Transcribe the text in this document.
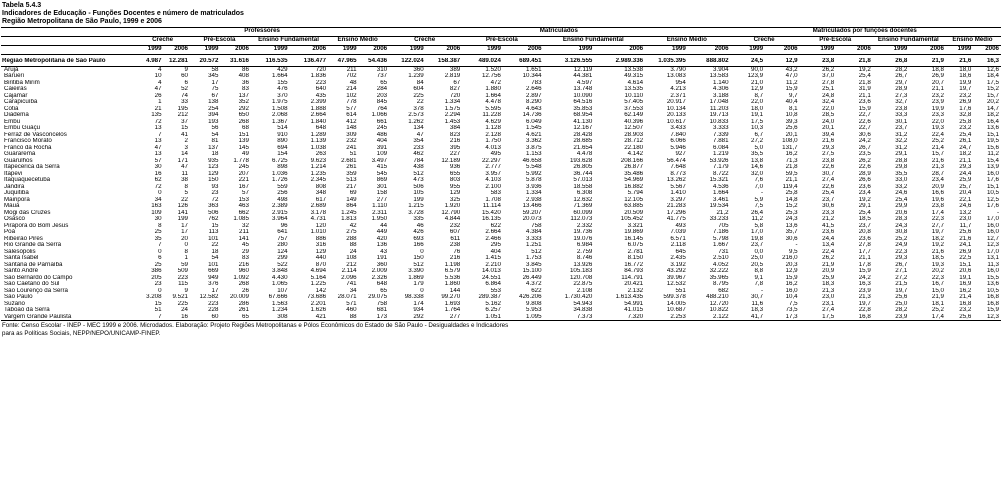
Tabela 5.4.3
Indicadores de Educação - Funções Docentes e número de matriculados
Região Metropolitana de São Paulo, 1999 e 2006
	Professores								Matriculados								Matriculados por funções docentes							
	Creche		Pré-Escola		Ensino Fundamental		Ensino Médio		Creche		Pré-Escola		Ensino Fundamental		Ensino Médio		Creche		Pré-Escola		Ensino Fundamental		Ensino Médio	
	1999	2006	1999	2006	1999	2006	1999	2006	1999	2006	1999	2006	1999	2006	1999	2006	1999	2006	1999	2006	1999	2006	1999	2006

Região Metropolitana de São Paulo	4.987	12.281	20.572	31.616	116.535	136.477	47.965	54.436	122.024	158.387	489.024	689.451	3.126.555	2.989.336	1.035.395	888.802	24,5	12,9	23,8	21,8	26,8	21,9	21,6	16,3
Arujá	4	9	58	86	429	720	211	310	360	389	1.520	1.651	12.119	13.538	3.790	3.904	90,0	43,2	26,2	19,2	28,2	18,8	18,0	12,6
Barueri	10	60	345	408	1.664	1.836	702	737	1.239	2.819	12.756	10.344	44.381	49.315	13.083	13.583	123,9	47,0	37,0	25,4	26,7	26,9	18,6	18,4
Biritiba Mirim	4	6	17	36	155	223	48	65	84	67	472	783	4.597	4.614	954	1.140	21,0	11,2	27,8	21,8	29,7	20,7	19,9	17,5
Caieiras	47	52	75	83	476	640	214	284	604	827	1.880	2.646	13.748	13.535	4.213	4.306	12,9	15,9	25,1	31,9	28,9	21,1	19,7	15,2
Cajamar	26	74	67	137	370	435	102	203	225	720	1.664	2.897	10.090	10.110	2.371	3.188	8,7	9,7	24,8	21,1	27,3	23,2	23,2	15,7
Carapicuíba	1	33	138	352	1.975	2.399	778	845	22	1.334	4.478	8.290	64.516	57.405	20.917	17.048	22,0	40,4	32,4	23,6	32,7	23,9	26,9	20,2
Cotia	21	195	254	292	1.508	1.888	577	764	378	1.575	5.595	4.643	35.853	37.553	10.134	11.203	18,0	8,1	22,0	15,9	23,8	19,9	17,6	14,7
Diadema	135	212	394	650	2.068	2.664	614	1.066	2.573	2.294	11.228	14.736	68.954	62.149	20.133	19.713	19,1	10,8	28,5	22,7	33,3	23,3	32,8	18,2
Embu	72	37	193	268	1.367	1.840	412	661	1.262	1.453	4.629	6.049	41.130	40.396	10.617	10.833	17,5	39,3	24,0	22,6	30,1	22,0	25,8	16,4
Embu Guaçu	13	15	56	68	514	648	148	245	134	384	1.128	1.545	12.167	12.507	3.433	3.333	10,3	25,6	20,1	22,7	23,7	19,3	23,2	13,6
Ferraz de Vasconcelos	7	41	54	151	910	1.289	309	486	47	823	2.128	4.621	28.428	28.903	7.840	7.339	6,7	20,1	39,4	30,6	31,2	22,4	25,4	15,1
Francisco Morato	13	2	81	139	890	1.139	232	404	354	216	1.750	3.362	28.685	28.712	6.066	7.881	27,2	108,0	21,6	24,2	32,2	25,2	26,1	19,5
Franco da Rocha	47	3	137	145	694	1.038	241	391	233	395	4.013	3.875	21.654	22.180	5.946	6.084	5,0	131,7	29,3	26,7	31,2	21,4	24,7	15,6
Guararema	13	14	18	49	154	263	51	109	462	227	495	1.153	4.478	4.142	927	1.219	35,5	16,2	27,5	23,5	29,1	15,7	18,2	11,2
Guarulhos	57	171	935	1.778	6.725	9.623	2.681	3.497	784	12.189	22.297	46.658	193.628	208.166	56.474	53.926	13,8	71,3	23,8	26,2	28,8	21,6	21,1	15,4
Itapecerica da Serra	30	47	123	245	898	1.214	261	415	438	936	2.777	5.548	26.805	26.877	7.648	7.179	14,6	21,8	22,6	22,6	29,8	21,3	29,3	13,9
Itapevi	16	11	129	207	1.036	1.235	359	545	512	655	3.957	5.992	36.744	35.486	8.773	8.722	32,0	59,5	30,7	28,9	35,5	28,7	24,4	16,0
Itaquaquecetuba	62	38	150	221	1.726	2.345	513	869	473	803	4.103	5.878	57.013	54.969	13.262	15.321	7,6	21,1	27,4	26,6	33,0	23,4	25,9	17,6
Jandira	72	8	93	167	559	808	217	301	506	955	2.100	3.936	18.558	16.882	5.567	4.536	7,0	119,4	22,6	23,6	33,2	20,9	25,7	15,1
Juquitiba	0	5	23	57	256	348	69	158	105	129	583	1.334	6.308	5.794	1.410	1.664	-	25,8	25,4	23,4	24,6	16,6	20,4	10,5
Mairiporã	34	22	72	153	498	617	149	277	199	325	1.708	2.938	12.632	12.105	3.297	3.461	5,9	14,8	23,7	19,2	25,4	19,6	22,1	12,5
Mauá	163	126	363	463	2.389	2.689	864	1.110	1.215	1.920	11.114	13.466	71.369	63.885	21.283	19.534	7,5	15,2	30,6	29,1	29,9	23,8	24,6	17,6
Mogi das Cruzes	109	141	506	662	2.915	3.178	1.245	2.311	3.728	12.790	15.420	59.207	60.099	20.509	17.296	21,2	26,4	25,3	23,3	25,4	20,6	17,4	13,2	-
Osasco	30	199	762	1.085	3.964	4.731	1.813	1.950	335	4.844	16.135	20.073	112.073	105.452	41.775	33.233	11,2	24,3	21,2	18,5	28,3	22,3	23,0	17,0
Pirapora do Bom Jesus	8	17	15	32	96	120	42	44	46	232	622	758	2.332	3.321	493	705	5,8	13,6	41,5	23,7	24,3	27,7	11,7	16,0
Poá	25	17	113	211	641	1.010	275	449	426	607	2.664	4.384	19.736	19.869	7.039	7.186	17,0	35,7	23,6	20,8	30,8	19,7	25,6	16,0
Ribeirão Pires	35	20	101	141	757	886	288	420	693	611	2.466	3.333	19.076	16.145	6.571	5.798	19,8	30,6	24,4	23,6	25,2	18,2	21,6	12,7
Rio Grande da Serra	7	0	22	45	280	316	88	136	166	238	295	1.251	6.984	6.075	2.118	1.667	23,7	-	13,4	27,8	24,9	19,2	24,1	12,3
Salesópolis	0	8	18	29	124	129	24	43	0	76	404	512	2.759	2.781	645	731	0,0	9,5	22,4	17,7	22,3	21,6	26,9	17,0
Santa Isabel	6	1	54	83	299	440	108	191	150	216	1.415	1.753	8.746	8.150	2.435	2.510	25,0	216,0	26,2	21,1	29,3	18,5	22,5	13,1
Santana de Parnaíba	25	59	101	216	522	870	212	360	512	1.198	2.210	3.845	13.926	16.772	3.192	4.052	20,5	20,3	21,9	17,8	26,7	19,3	15,1	11,3
Santo André	386	509	669	960	3.848	4.694	2.114	2.009	3.390	6.579	14.013	15.100	105.183	84.793	43.292	32.222	8,8	12,9	20,9	15,9	27,1	20,2	20,6	16,0
São Bernardo do Campo	205	223	949	1.092	4.430	5.164	2.096	2.326	1.869	5.536	24.551	26.449	120.708	114.791	39.967	35.965	9,1	15,9	25,9	24,2	27,2	22,3	19,1	15,5
São Caetano do Sul	23	115	376	268	1.065	1.225	741	648	179	1.860	6.864	4.372	22.875	20.421	12.532	8.795	7,8	16,2	18,3	16,3	21,5	16,7	16,9	13,6
São Lourenço da Serra	0	9	17	26	107	142	34	65	0	144	553	622	2.108	2.132	551	682	-	16,0	21,3	23,9	19,7	15,0	16,2	10,5
São Paulo	3.208	9.521	12.582	20.009	67.666	73.686	28.071	29.075	98.338	99.270	289.387	426.206	1.730.420	1.613.435	599.378	488.210	30,7	10,4	23,0	21,3	25,6	21,9	21,4	16,8
Suzano	15	225	223	286	1.563	2.201	571	758	174	1.693	5.162	9.808	54.943	54.991	14.005	12.720	11,6	7,5	23,1	19,7	25,0	18,1	16,8	16,8
Taboão da Serra	51	24	228	261	1.234	1.626	460	681	934	1.764	6.257	5.953	34.838	41.015	10.687	10.822	18,3	73,5	27,4	22,8	28,2	25,2	23,2	15,9
Vargem Grande Paulista	7	16	60	65	308	421	88	173	292	277	1.051	1.095	7.373	7.320	2.253	2.122	41,7	17,3	17,5	16,8	23,9	17,4	25,6	12,3
Fonte: Censo Escolar - INEP - MEC 1999 e 2006. Microdados. Elaboração: Projeto Regiões Metropolitanas e Pólos Econômicos do Estado de São Paulo - Desigualdades e Indicadores para as Políticas Sociais, NEPP/NEPO/UNICAMP-FINEP.
